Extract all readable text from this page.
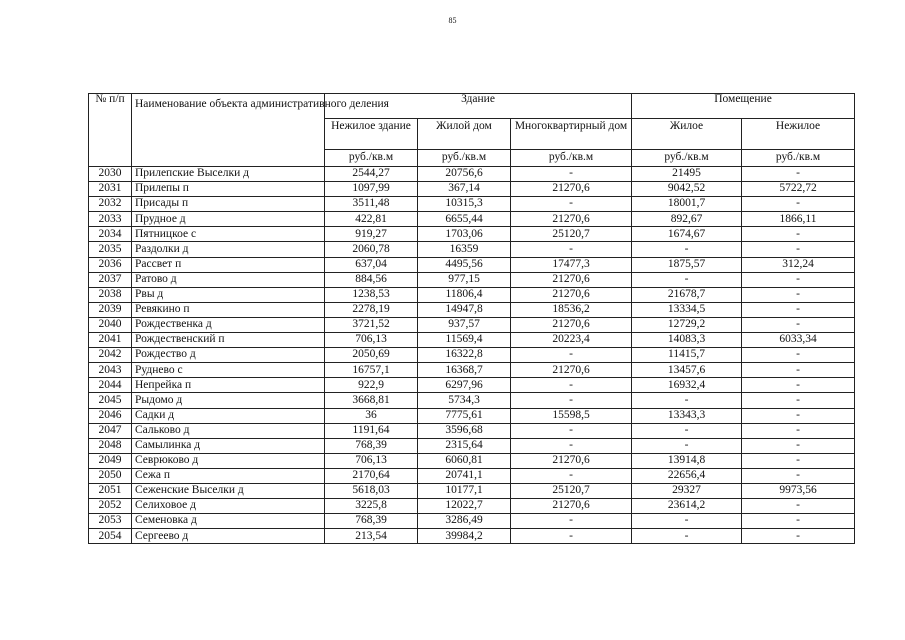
85
№ п/п	Наименование объекта административного деления	Здание			Помещение	
		Нежилое здание	Жилой дом	Многоквартирный дом	Жилое	Нежилое
		руб./кв.м	руб./кв.м	руб./кв.м	руб./кв.м	руб./кв.м
2030	Прилепские Выселки д	2544,27	20756,6	-	21495	-
2031	Прилепы п	1097,99	367,14	21270,6	9042,52	5722,72
2032	Присады п	3511,48	10315,3	-	18001,7	-
2033	Прудное д	422,81	6655,44	21270,6	892,67	1866,11
2034	Пятницкое с	919,27	1703,06	25120,7	1674,67	-
2035	Раздолки д	2060,78	16359	-	-	-
2036	Рассвет п	637,04	4495,56	17477,3	1875,57	312,24
2037	Ратово д	884,56	977,15	21270,6	-	-
2038	Рвы д	1238,53	11806,4	21270,6	21678,7	-
2039	Ревякино п	2278,19	14947,8	18536,2	13334,5	-
2040	Рождественка д	3721,52	937,57	21270,6	12729,2	-
2041	Рождественский п	706,13	11569,4	20223,4	14083,3	6033,34
2042	Рождество д	2050,69	16322,8	-	11415,7	-
2043	Руднево с	16757,1	16368,7	21270,6	13457,6	-
2044	Непрейка п	922,9	6297,96	-	16932,4	-
2045	Рыдомо д	3668,81	5734,3	-	-	-
2046	Садки д	36	7775,61	15598,5	13343,3	-
2047	Сальково д	1191,64	3596,68	-	-	-
2048	Самылинка д	768,39	2315,64	-	-	-
2049	Севрюково д	706,13	6060,81	21270,6	13914,8	-
2050	Сежа п	2170,64	20741,1	-	22656,4	-
2051	Сеженские Выселки д	5618,03	10177,1	25120,7	29327	9973,56
2052	Селиховое д	3225,8	12022,7	21270,6	23614,2	-
2053	Семеновка д	768,39	3286,49	-	-	-
2054	Сергеево д	213,54	39984,2	-	-	-
